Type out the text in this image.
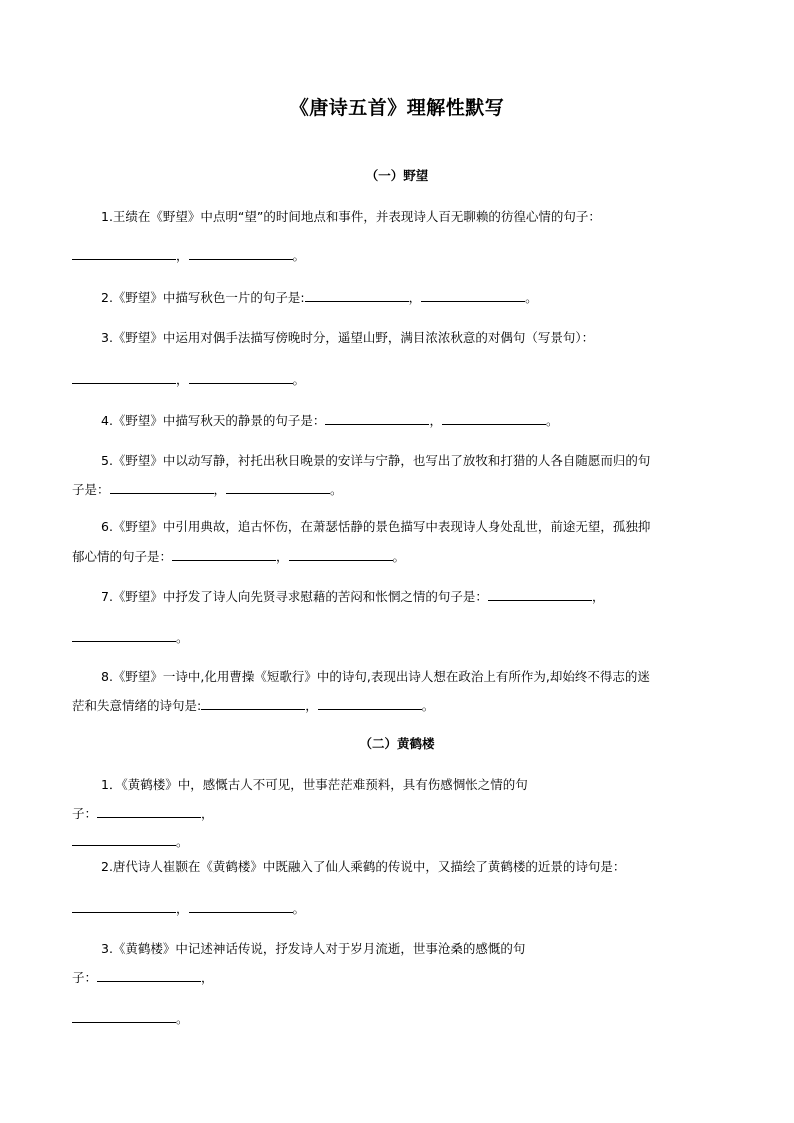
《唐诗五首》理解性默写
（一）野望
1.王绩在《野望》中点明“望”的时间地点和事件，并表现诗人百无聊赖的彷徨心情的句子：
，	。
2.《野望》中描写秋色一片的句子是:	，	。
3.《野望》中运用对偶手法描写傍晚时分，遥望山野，满目浓浓秋意的对偶句（写景句）：
，	。
4.《野望》中描写秋天的静景的句子是：	，	。
5.《野望》中以动写静，衬托出秋日晚景的安详与宁静，也写出了放牧和打猎的人各自随愿而归的句
子是：	，	。
6.《野望》中引用典故，追古怀伤，在萧瑟恬静的景色描写中表现诗人身处乱世，前途无望，孤独抑
郁心情的句子是：	，	。
7.《野望》中抒发了诗人向先贤寻求慰藉的苦闷和怅惘之情的句子是：	，
。
8.《野望》一诗中,化用曹操《短歌行》中的诗句,表现出诗人想在政治上有所作为,却始终不得志的迷
茫和失意情绪的诗句是:	，	。
（二）黄鹤楼
1．《黄鹤楼》中，感慨古人不可见，世事茫茫难预料，具有伤感惆怅之情的句
子：	，
。
2.唐代诗人崔颢在《黄鹤楼》中既融入了仙人乘鹤的传说中，又描绘了黄鹤楼的近景的诗句是：
，	。
3.《黄鹤楼》中记述神话传说，抒发诗人对于岁月流逝，世事沧桑的感慨的句
子：	，
。
